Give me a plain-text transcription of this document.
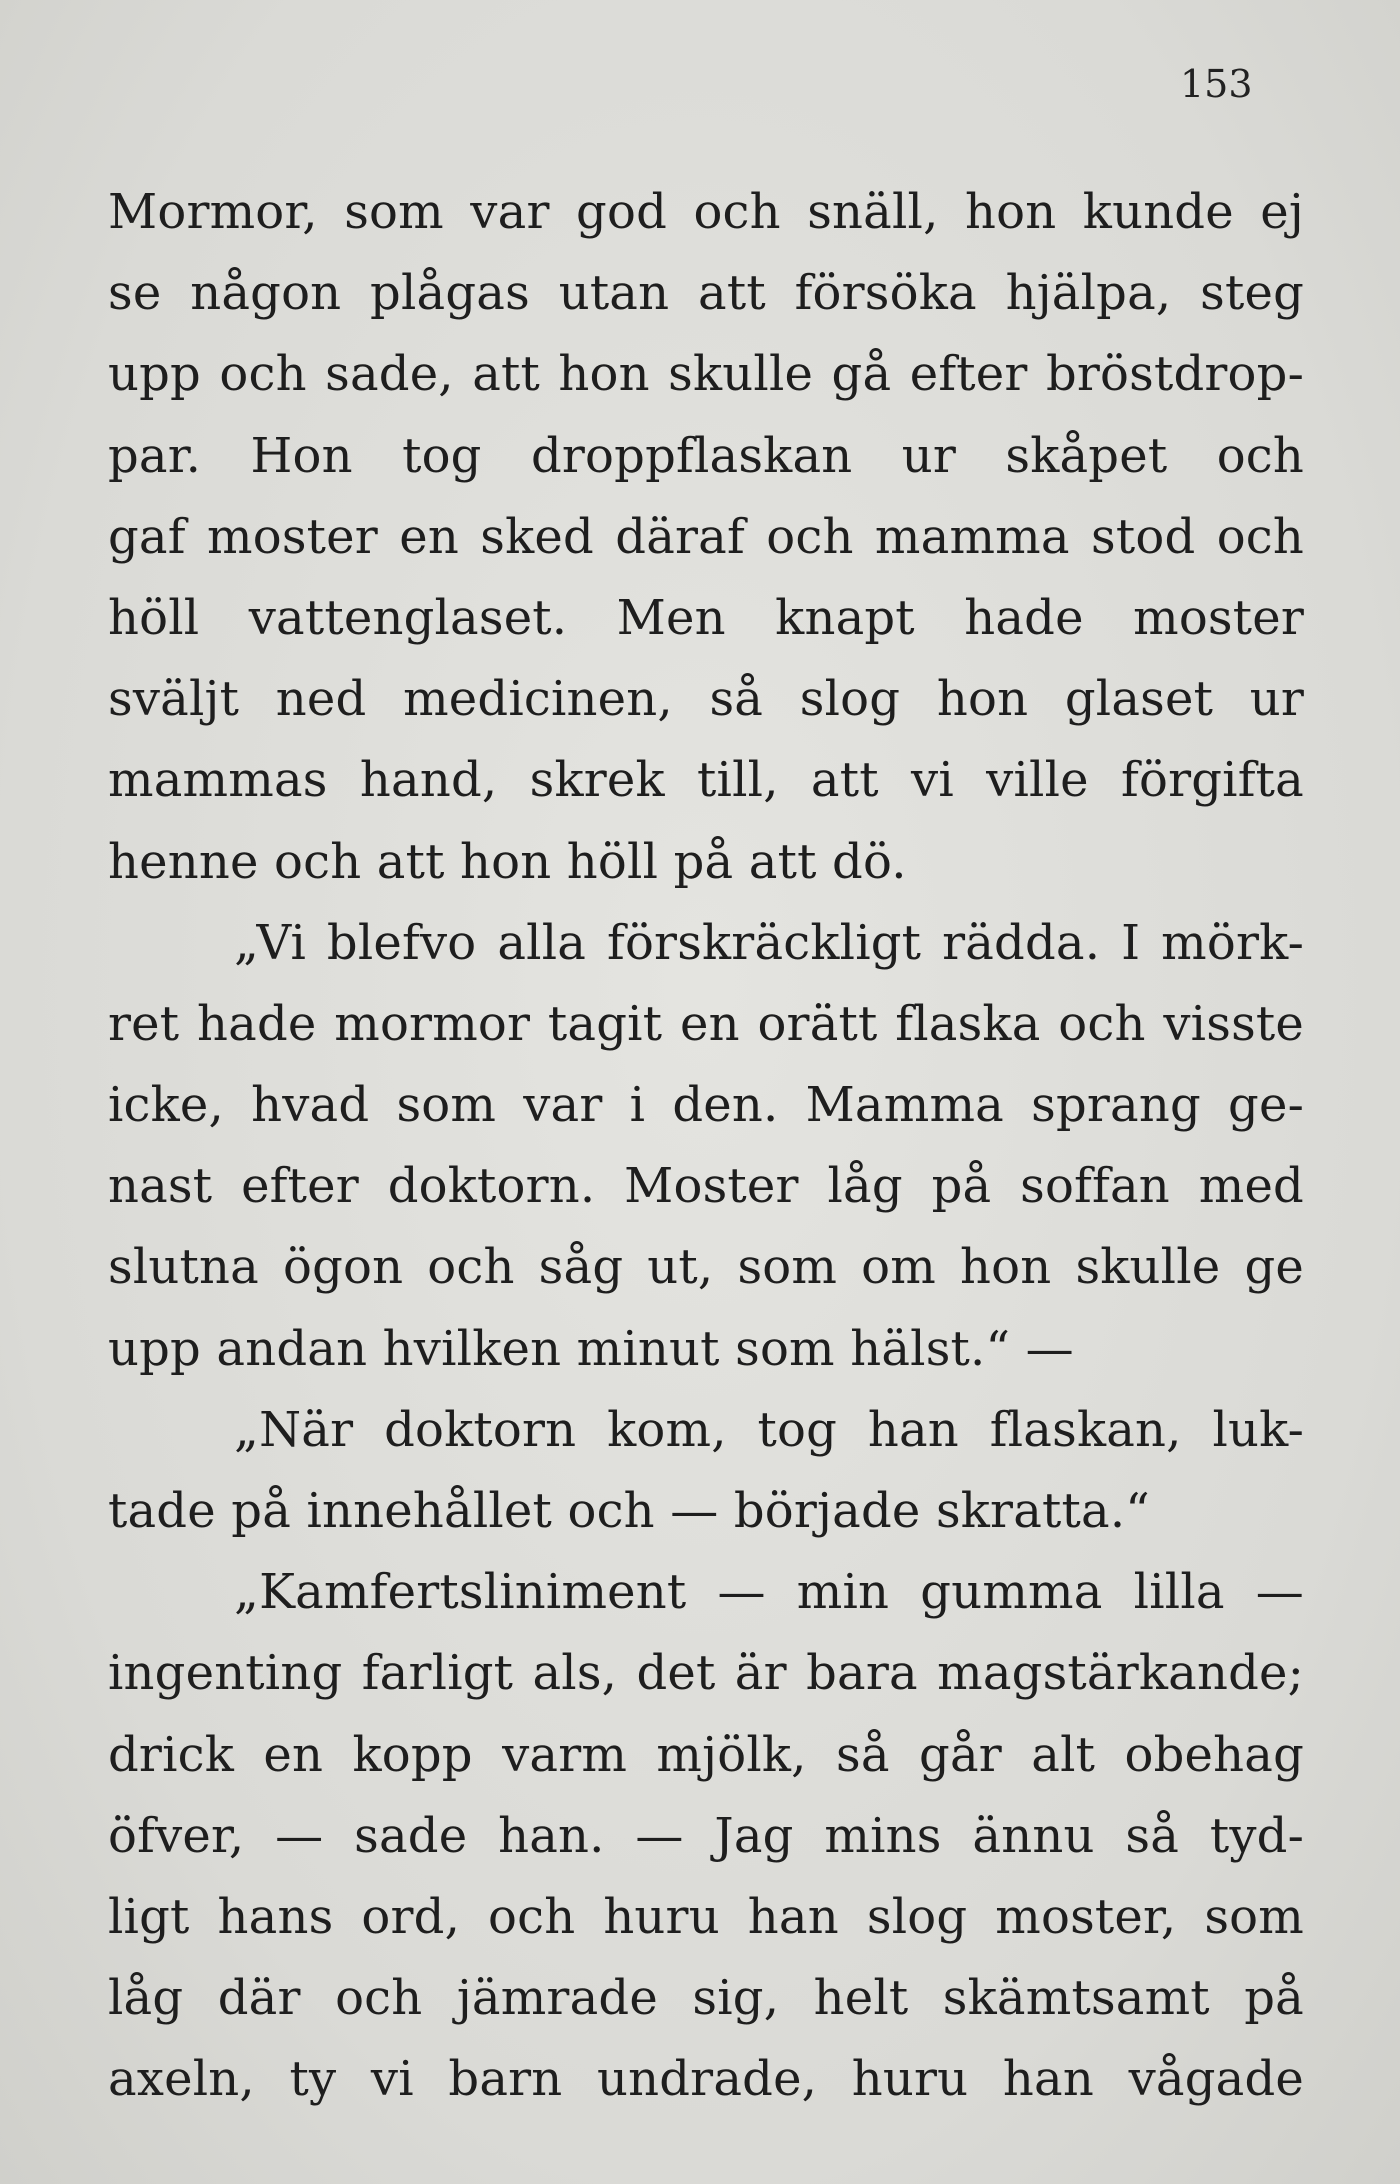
153
Mormor, som var god och snäll, hon kunde ej
se någon plågas utan att försöka hjälpa, steg
upp och sade, att hon skulle gå efter bröstdrop-
par. Hon tog droppflaskan ur skåpet och
gaf moster en sked däraf och mamma stod och
höll vattenglaset. Men knapt hade moster
sväljt ned medicinen, så slog hon glaset ur
mammas hand, skrek till, att vi ville förgifta
henne och att hon höll på att dö.
„Vi blefvo alla förskräckligt rädda. I mörk-
ret hade mormor tagit en orätt flaska och visste
icke, hvad som var i den. Mamma sprang ge-
nast efter doktorn. Moster låg på soffan med
slutna ögon och såg ut, som om hon skulle ge
upp andan hvilken minut som hälst.“ —
„När doktorn kom, tog han flaskan, luk-
tade på innehållet och — började skratta.“
„Kamfertsliniment — min gumma lilla —
ingenting farligt als, det är bara magstärkande;
drick en kopp varm mjölk, så går alt obehag
öfver, — sade han. — Jag mins ännu så tyd-
ligt hans ord, och huru han slog moster, som
låg där och jämrade sig, helt skämtsamt på
axeln, ty vi barn undrade, huru han vågade
